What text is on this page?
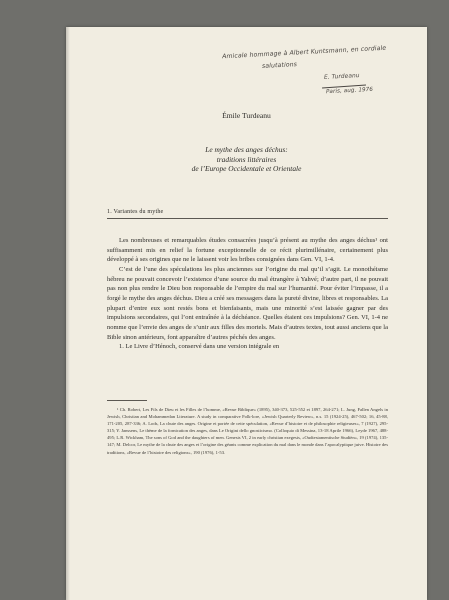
Amicale hommage à Albert Kuntsmann, en cordiale
salutations
E. Turdeanu
Paris, aug. 1976
Émile Turdeanu
Le mythe des anges déchus:
traditions littéraires
de l’Europe Occidentale et Orientale
1. Variantes du mythe

Les nombreuses et remarquables études consacrées jusqu’à présent au mythe des anges déchus¹ ont suffisamment mis en relief la fortune exceptionnelle de ce récit plurimillénaire, certainement plus développé à ses origines que ne le laissent voir les bribes consignées dans Gen. VI, 1-4.

C’est de l’une des spéculations les plus anciennes sur l’origine du mal qu’il s’agit. Le monothéisme hébreu ne pouvait concevoir l’existence d’une source du mal étrangère à Yahvé; d’autre part, il ne pouvait pas non plus rendre le Dieu bon responsable de l’empire du mal sur l’humanité. Pour éviter l’impasse, il a forgé le mythe des anges déchus. Dieu a créé ses messagers dans la pureté divine, libres et responsables. La plupart d’entre eux sont restés bons et bienfaisants, mais une minorité s’est laissée gagner par des impulsions secondaires, qui l’ont entraînée à la déchéance. Quelles étaient ces impulsions? Gen. VI, 1-4 ne nomme que l’envie des anges de s’unir aux filles des mortels. Mais d’autres textes, tout aussi anciens que la Bible sinon antérieurs, font apparaître d’autres péchés des anges.

1. Le Livre d’Hénoch, conservé dans une version intégrale en

¹ Ch. Robert, Les Fils de Dieu et les Filles de l’homme, «Revue Biblique» (1895), 340-373, 525-552 et 1897, 264-271; L. Jung, Fallen Angels in Jewish, Christian and Mohammedan Literature. A study in comparative Folk-lore, «Jewish Quarterly Review», n.s. 15 (1924-25), 467-502; 16, 45-88, 171-205, 287-336; A. Lods, La chute des anges. Origine et portée de cette spéculation, «Revue d’histoire et de philosophie religieuses», 7 (1927), 295-315; Y. Janssens, Le thème de la fornication des anges, dans Le Origini dello gnosticismo. (Colloquio di Messina, 13-18 Aprile 1966), Leyde 1967, 488-495; L.R. Wickham, The sons of God and the daughters of men. Genesis VI, 2 in early christian exegesis, «Oudtestamentische Studiën», 19 (1974), 135-147; M. Delcor, Le mythe de la chute des anges et l’origine des géants comme explication du mal dans le monde dans l’apocalyptique juive. Histoire des traditions, «Revue de l’histoire des religions», 190 (1976), 1-53.
